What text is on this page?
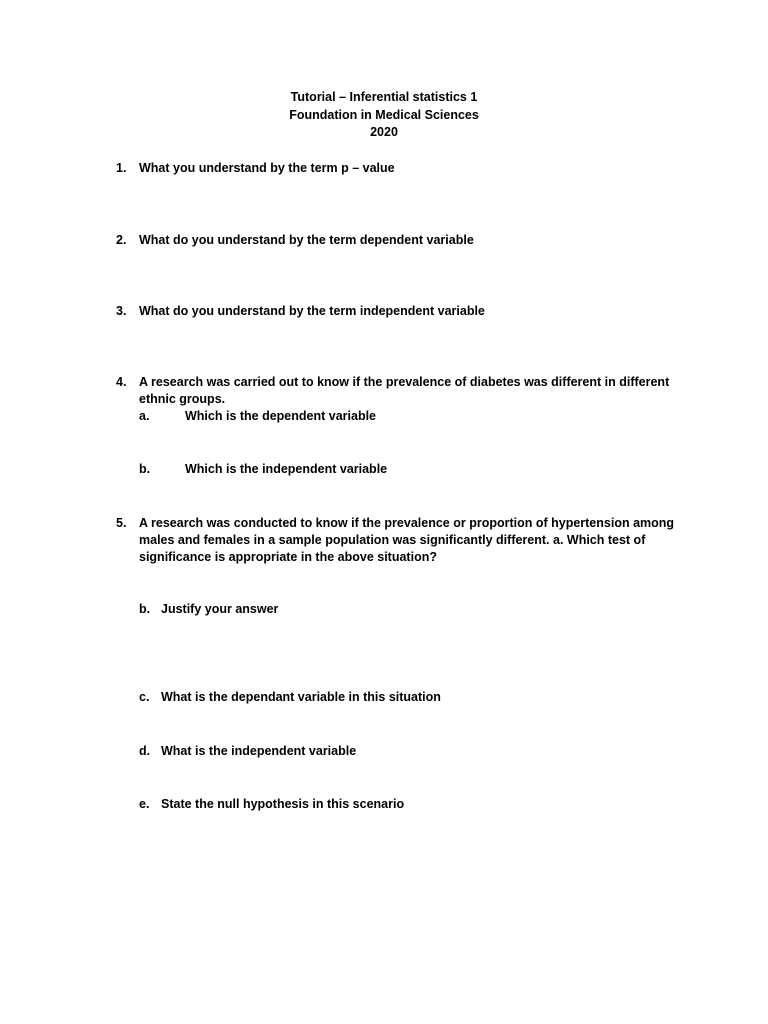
Tutorial – Inferential statistics 1
Foundation in Medical Sciences
2020
1. What you understand by the term p – value
2. What do you understand by the term dependent variable
3. What do you understand by the term independent variable
4. A research was carried out to know if the prevalence of diabetes was different in different ethnic groups.
a.	Which is the dependent variable
b.	Which is the independent variable
5. A research was conducted to know if the prevalence or proportion of hypertension among males and females in a sample population was significantly different. a. Which test of significance is appropriate in the above situation?
b. Justify your answer
c. What is the dependant variable in this situation
d. What is the independent variable
e. State the null hypothesis in this scenario
